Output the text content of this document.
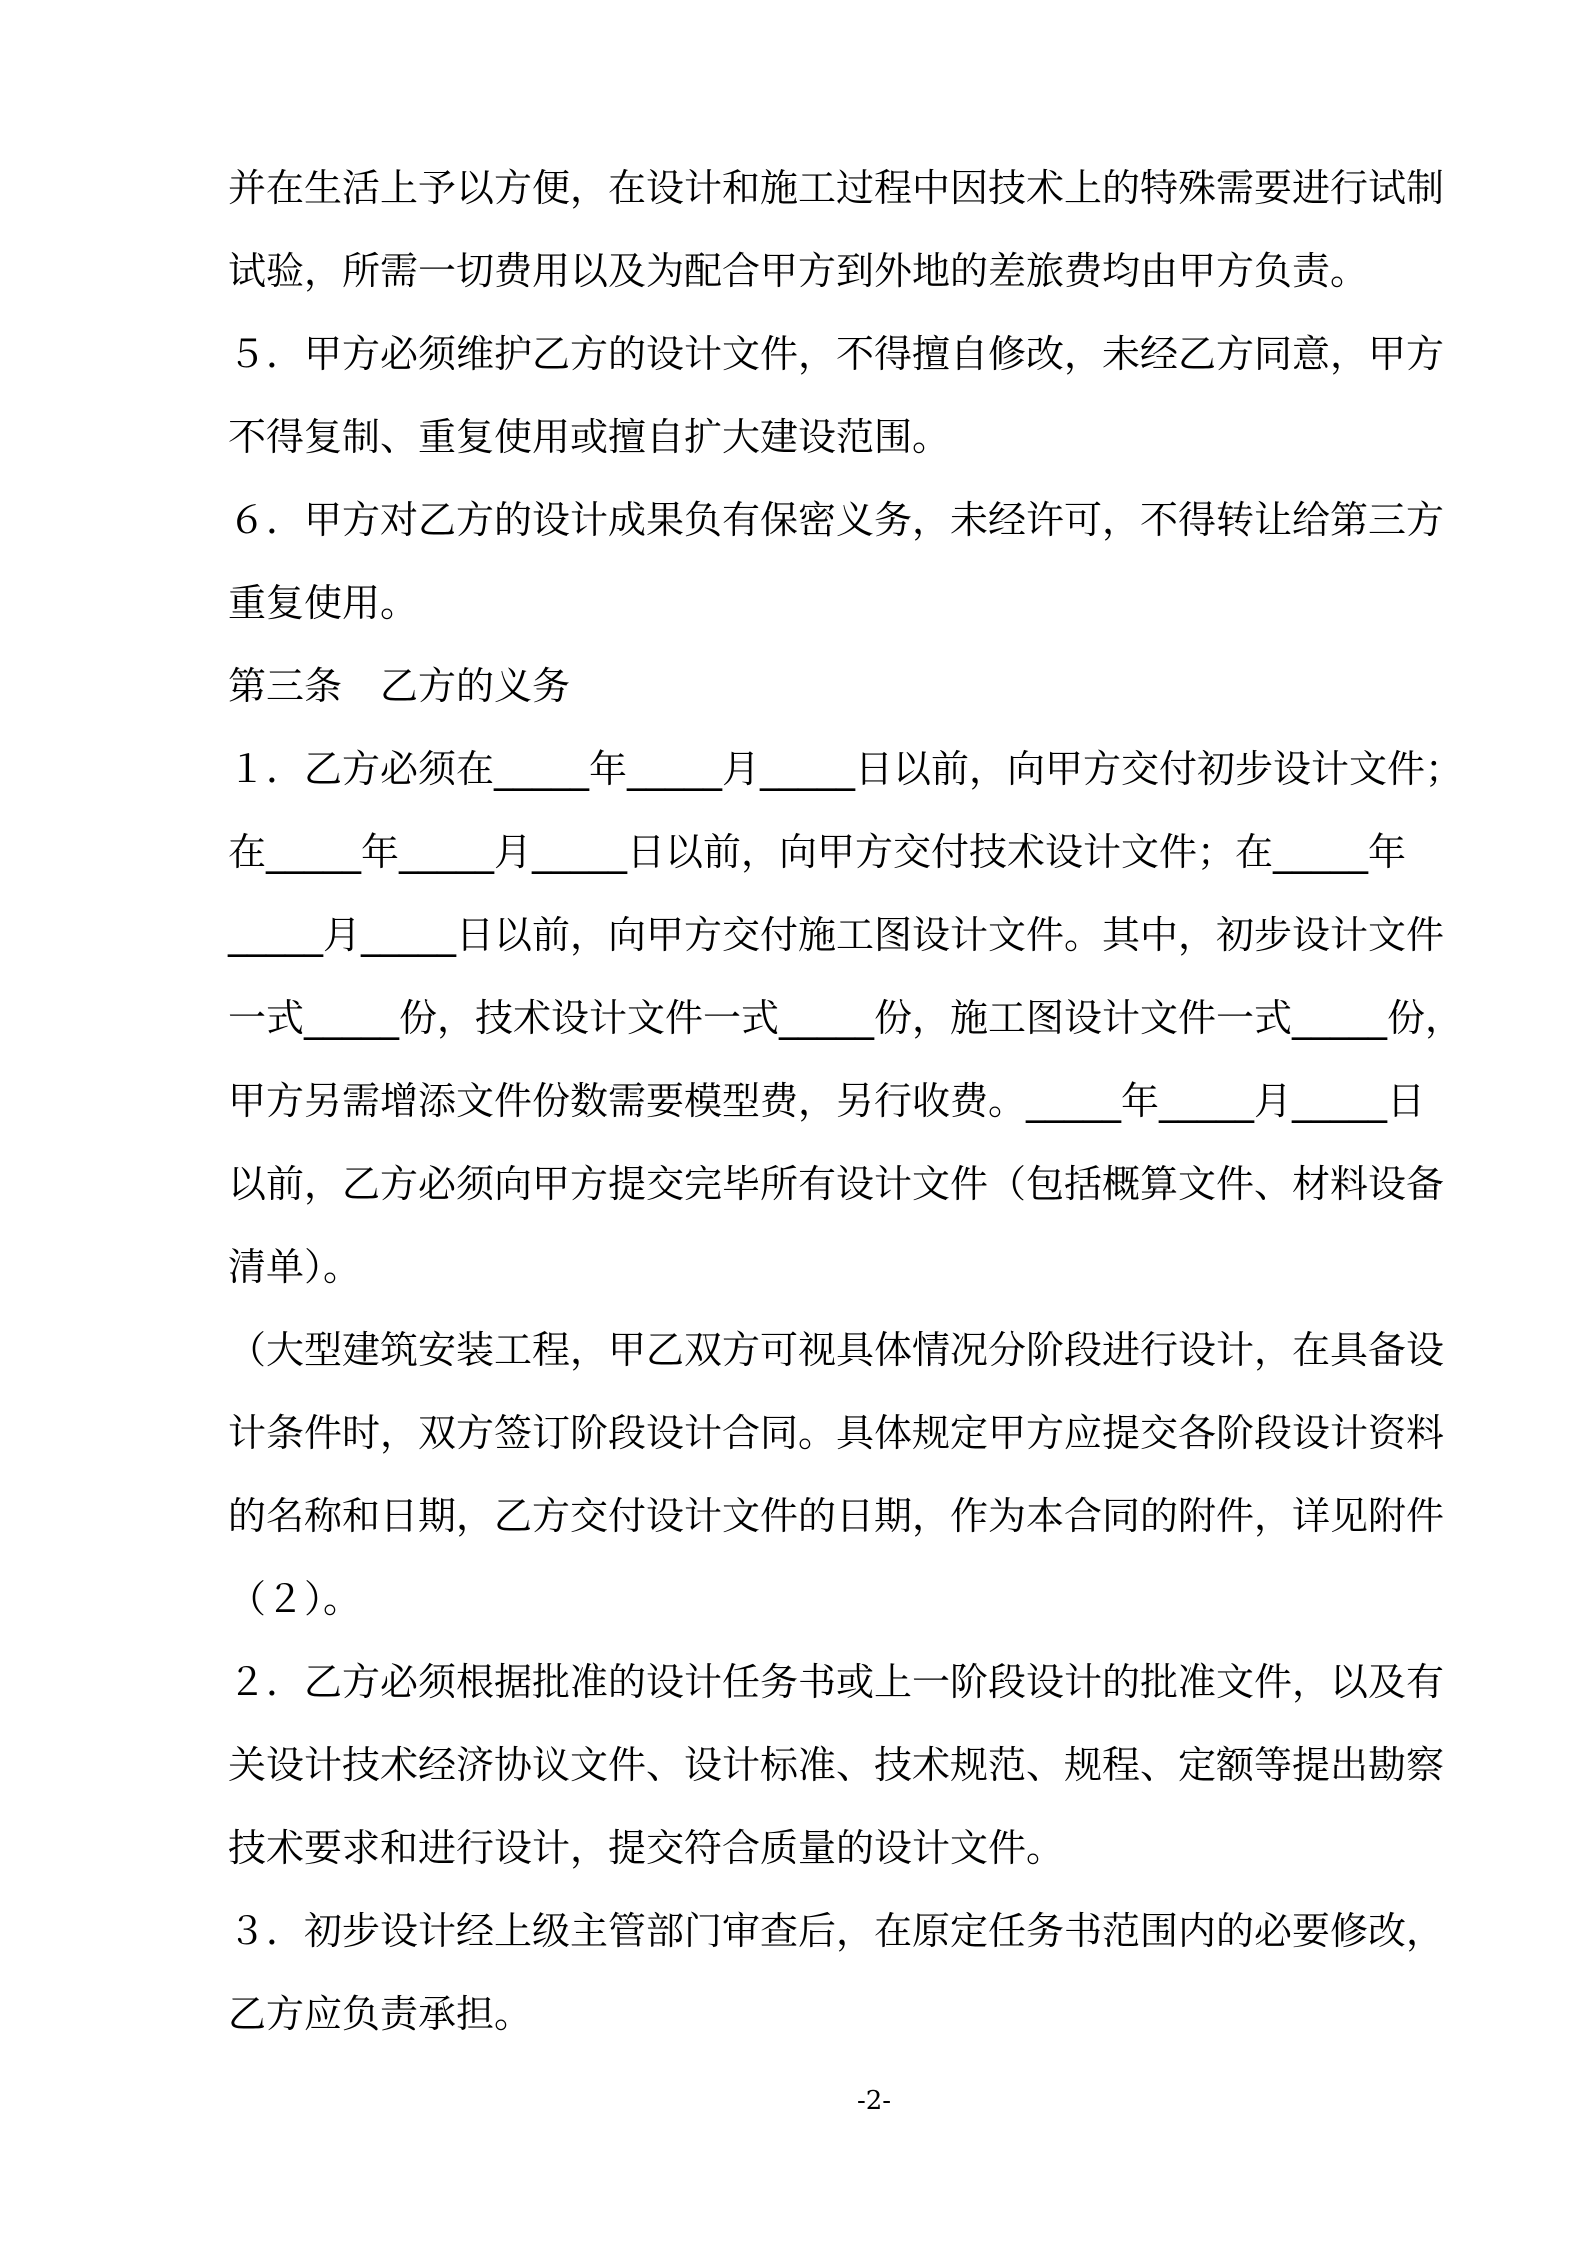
并在生活上予以方便，在设计和施工过程中因技术上的特殊需要进行试制
试验，所需一切费用以及为配合甲方到外地的差旅费均由甲方负责。
５．甲方必须维护乙方的设计文件，不得擅自修改，未经乙方同意，甲方
不得复制、重复使用或擅自扩大建设范围。
６．甲方对乙方的设计成果负有保密义务，未经许可，不得转让给第三方
重复使用。
第三条　乙方的义务
１．乙方必须在_____年_____月_____日以前，向甲方交付初步设计文件；
在_____年_____月_____日以前，向甲方交付技术设计文件；在_____年
_____月_____日以前，向甲方交付施工图设计文件。其中，初步设计文件
一式_____份，技术设计文件一式_____份，施工图设计文件一式_____份，
甲方另需增添文件份数需要模型费，另行收费。_____年_____月_____日
以前，乙方必须向甲方提交完毕所有设计文件（包括概算文件、材料设备
清单）。
（大型建筑安装工程，甲乙双方可视具体情况分阶段进行设计，在具备设
计条件时，双方签订阶段设计合同。具体规定甲方应提交各阶段设计资料
的名称和日期，乙方交付设计文件的日期，作为本合同的附件，详见附件
（２）。
２．乙方必须根据批准的设计任务书或上一阶段设计的批准文件，以及有
关设计技术经济协议文件、设计标准、技术规范、规程、定额等提出勘察
技术要求和进行设计，提交符合质量的设计文件。
３．初步设计经上级主管部门审查后，在原定任务书范围内的必要修改，
乙方应负责承担。
-2-
